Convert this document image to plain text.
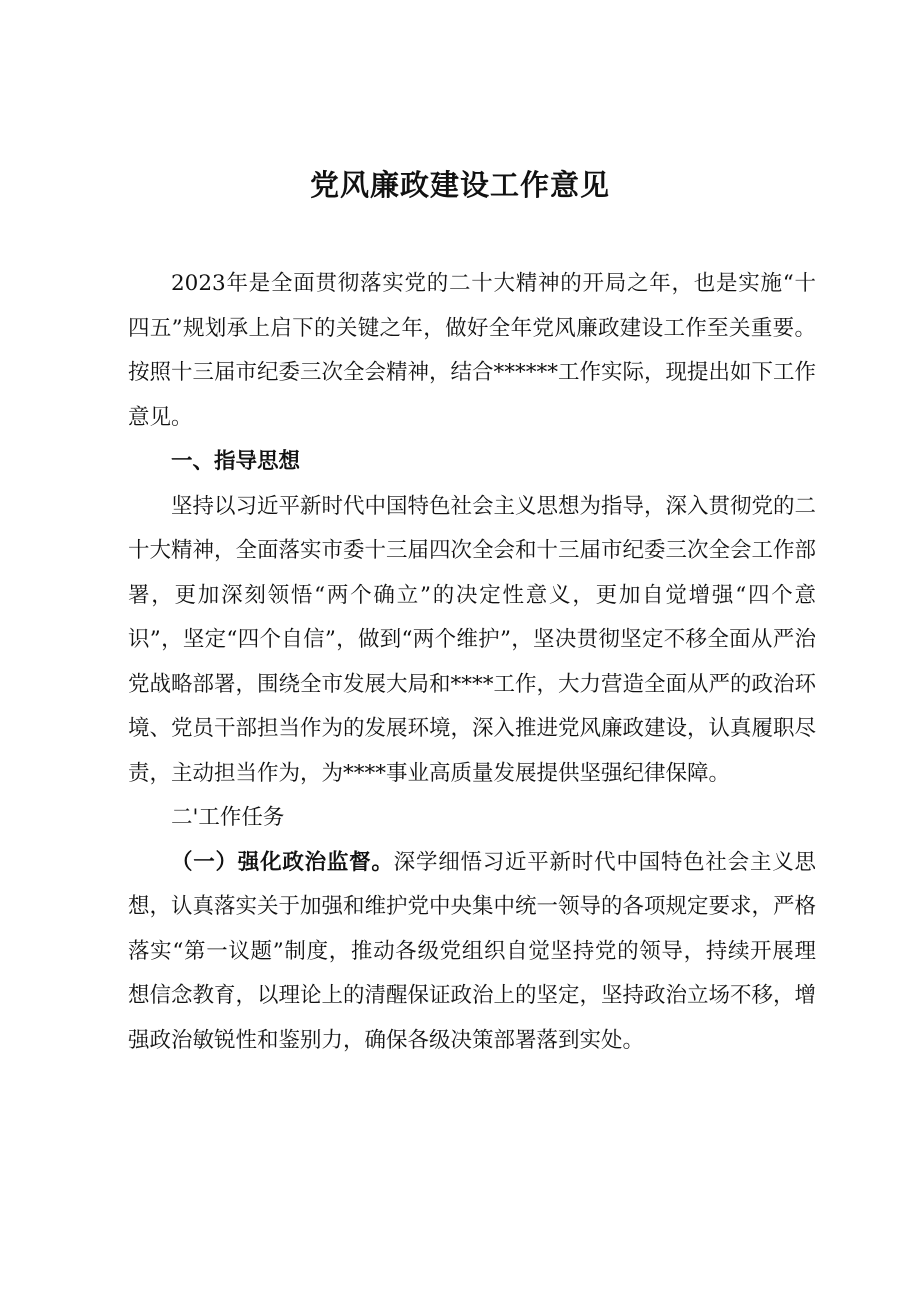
党风廉政建设工作意见

2023年是全面贯彻落实党的二十大精神的开局之年，也是实施“十四五”规划承上启下的关键之年，做好全年党风廉政建设工作至关重要。按照十三届市纪委三次全会精神，结合******工作实际，现提出如下工作意见。

一、指导思想

坚持以习近平新时代中国特色社会主义思想为指导，深入贯彻党的二十大精神，全面落实市委十三届四次全会和十三届市纪委三次全会工作部署，更加深刻领悟“两个确立”的决定性意义，更加自觉增强“四个意识”，坚定“四个自信”，做到“两个维护”，坚决贯彻坚定不移全面从严治党战略部署，围绕全市发展大局和****工作，大力营造全面从严的政治环境、党员干部担当作为的发展环境，深入推进党风廉政建设，认真履职尽责，主动担当作为，为****事业高质量发展提供坚强纪律保障。

二'工作任务

（一）强化政治监督。深学细悟习近平新时代中国特色社会主义思想，认真落实关于加强和维护党中央集中统一领导的各项规定要求，严格落实“第一议题”制度，推动各级党组织自觉坚持党的领导，持续开展理想信念教育，以理论上的清醒保证政治上的坚定，坚持政治立场不移，增强政治敏锐性和鉴别力，确保各级决策部署落到实处。
